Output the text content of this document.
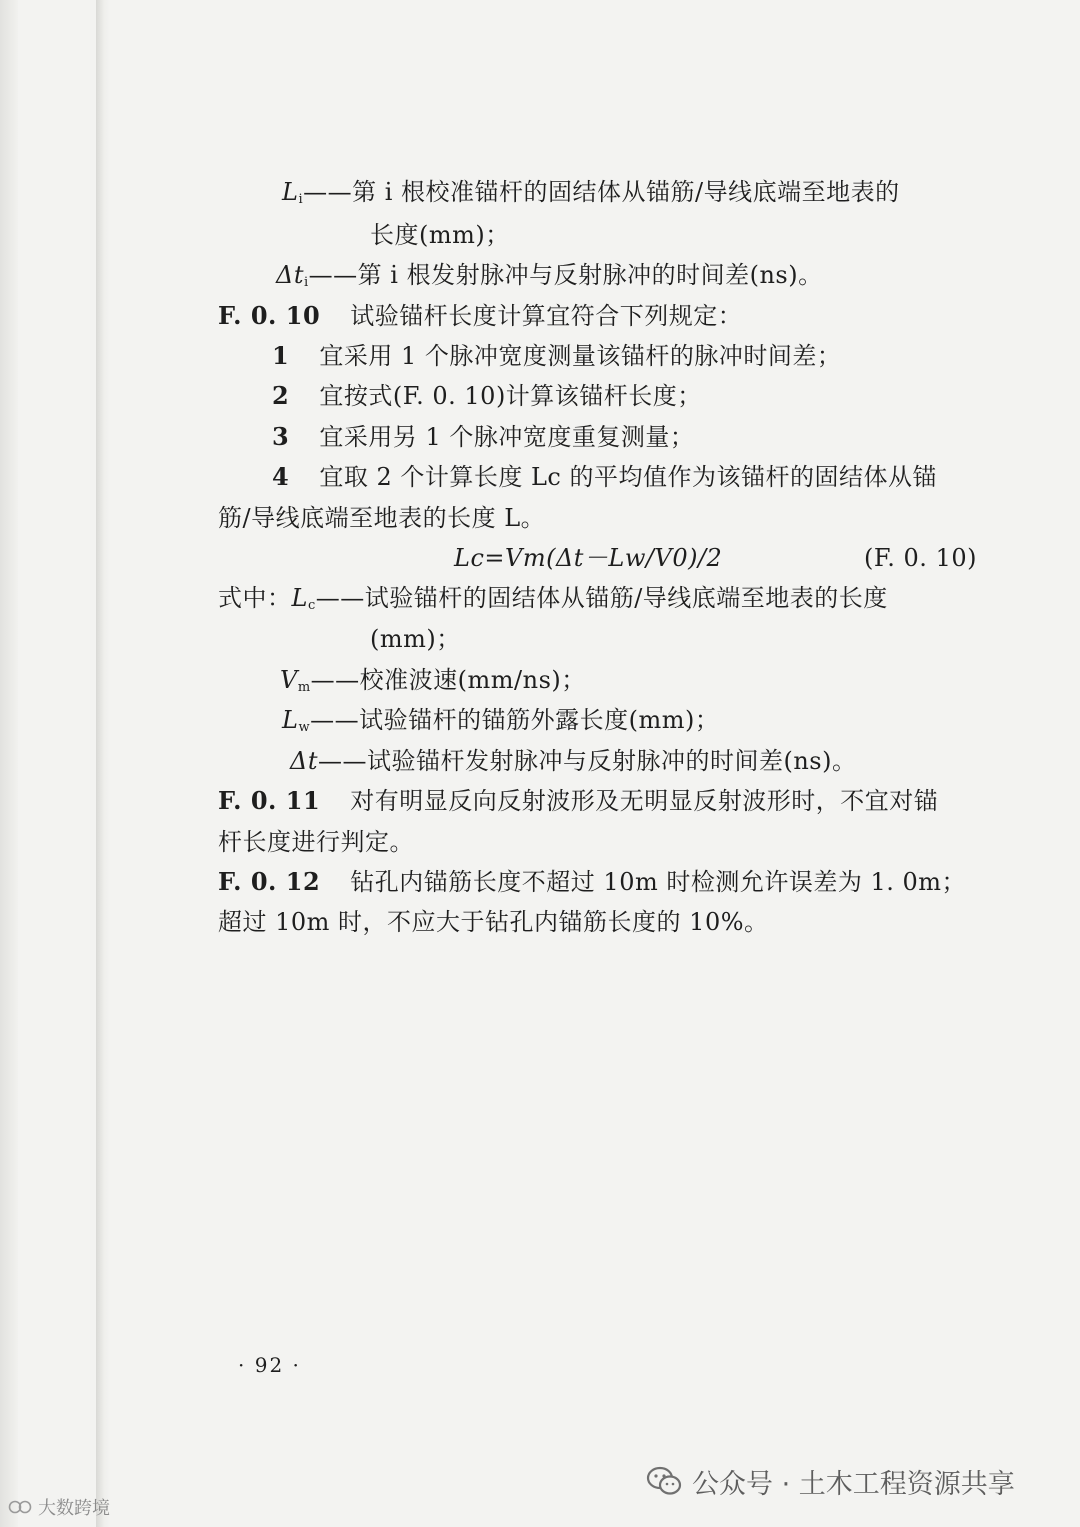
$L_i——$第 i 根校准锚杆的固结体从锚筋/导线底端至地表的
长度(mm)；
$\Delta t_i——$第 i 根发射脉冲与反射脉冲的时间差(ns)。
F. 0. 10 试验锚杆长度计算宜符合下列规定：
1 宜采用 1 个脉冲宽度测量该锚杆的脉冲时间差；
2 宜按式(F. 0. 10)计算该锚杆长度；
3 宜采用另 1 个脉冲宽度重复测量；
4 宜取 2 个计算长度 Lc 的平均值作为该锚杆的固结体从锚
筋/导线底端至地表的长度 L。
Lc=Vm(Δt－Lw/V0)/2	(F. 0. 10)
式中：$L_c——$试验锚杆的固结体从锚筋/导线底端至地表的长度
(mm)；
$V_m——$校准波速(mm/ns)；
$L_w——$试验锚杆的锚筋外露长度(mm)；
Δt——试验锚杆发射脉冲与反射脉冲的时间差(ns)。
F. 0. 11 对有明显反向反射波形及无明显反射波形时，不宜对锚
杆长度进行判定。
F. 0. 12 钻孔内锚筋长度不超过 10m 时检测允许误差为 1. 0m；
超过 10m 时，不应大于钻孔内锚筋长度的 10%。
· 92 ·
公众号 · 土木工程资源共享
大数跨境
